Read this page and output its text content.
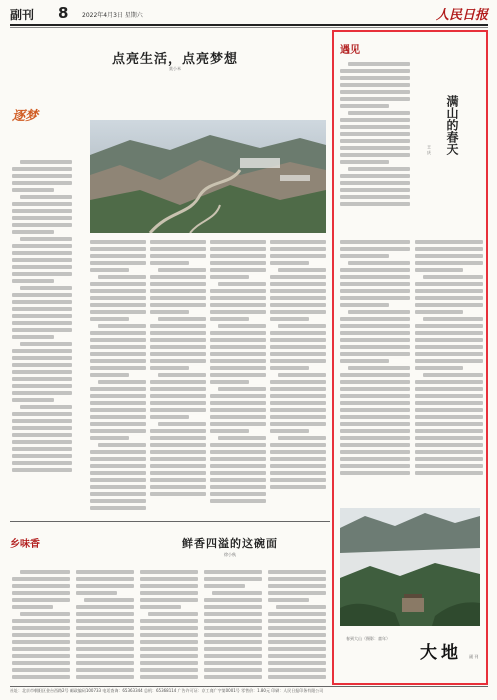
副刊 8 2022年4月3日 星期六	人民日报
逐梦
点亮生活，点亮梦想
莫小米
乡味香	鲜香四溢的这碗面
徐小秋
遇见
满山的春天
王 庆
春到大山（摄影：童年）
大地 副 刊
社址：北京市朝阳区金台西路2号 邮政编码100733 电话查询：65363344 总机：65368114 广告许可证：京工商广字第0001号 零售价：1.80元 印刷：人民日报印务有限公司
